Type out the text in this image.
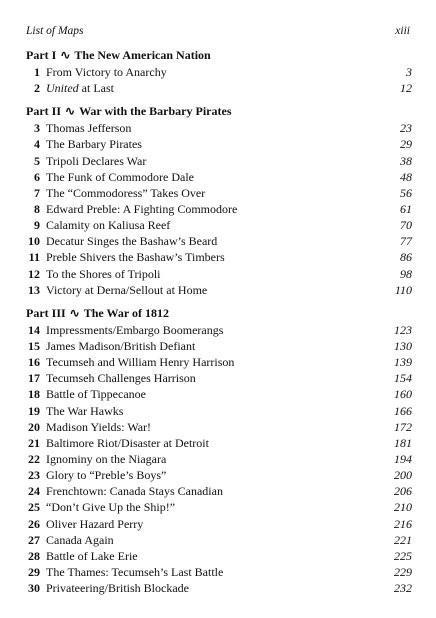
List of Maps	xiii
Part I ∿ The New American Nation
1 From Victory to Anarchy	3
2 United at Last	12
Part II ∿ War with the Barbary Pirates
3 Thomas Jefferson	23
4 The Barbary Pirates	29
5 Tripoli Declares War	38
6 The Funk of Commodore Dale	48
7 The “Commodoress” Takes Over	56
8 Edward Preble: A Fighting Commodore	61
9 Calamity on Kaliusa Reef	70
10 Decatur Singes the Bashaw’s Beard	77
11 Preble Shivers the Bashaw’s Timbers	86
12 To the Shores of Tripoli	98
13 Victory at Derna/Sellout at Home	110
Part III ∿ The War of 1812
14 Impressments/Embargo Boomerangs	123
15 James Madison/British Defiant	130
16 Tecumseh and William Henry Harrison	139
17 Tecumseh Challenges Harrison	154
18 Battle of Tippecanoe	160
19 The War Hawks	166
20 Madison Yields: War!	172
21 Baltimore Riot/Disaster at Detroit	181
22 Ignominy on the Niagara	194
23 Glory to “Preble’s Boys”	200
24 Frenchtown: Canada Stays Canadian	206
25 “Don’t Give Up the Ship!”	210
26 Oliver Hazard Perry	216
27 Canada Again	221
28 Battle of Lake Erie	225
29 The Thames: Tecumseh’s Last Battle	229
30 Privateering/British Blockade	232
